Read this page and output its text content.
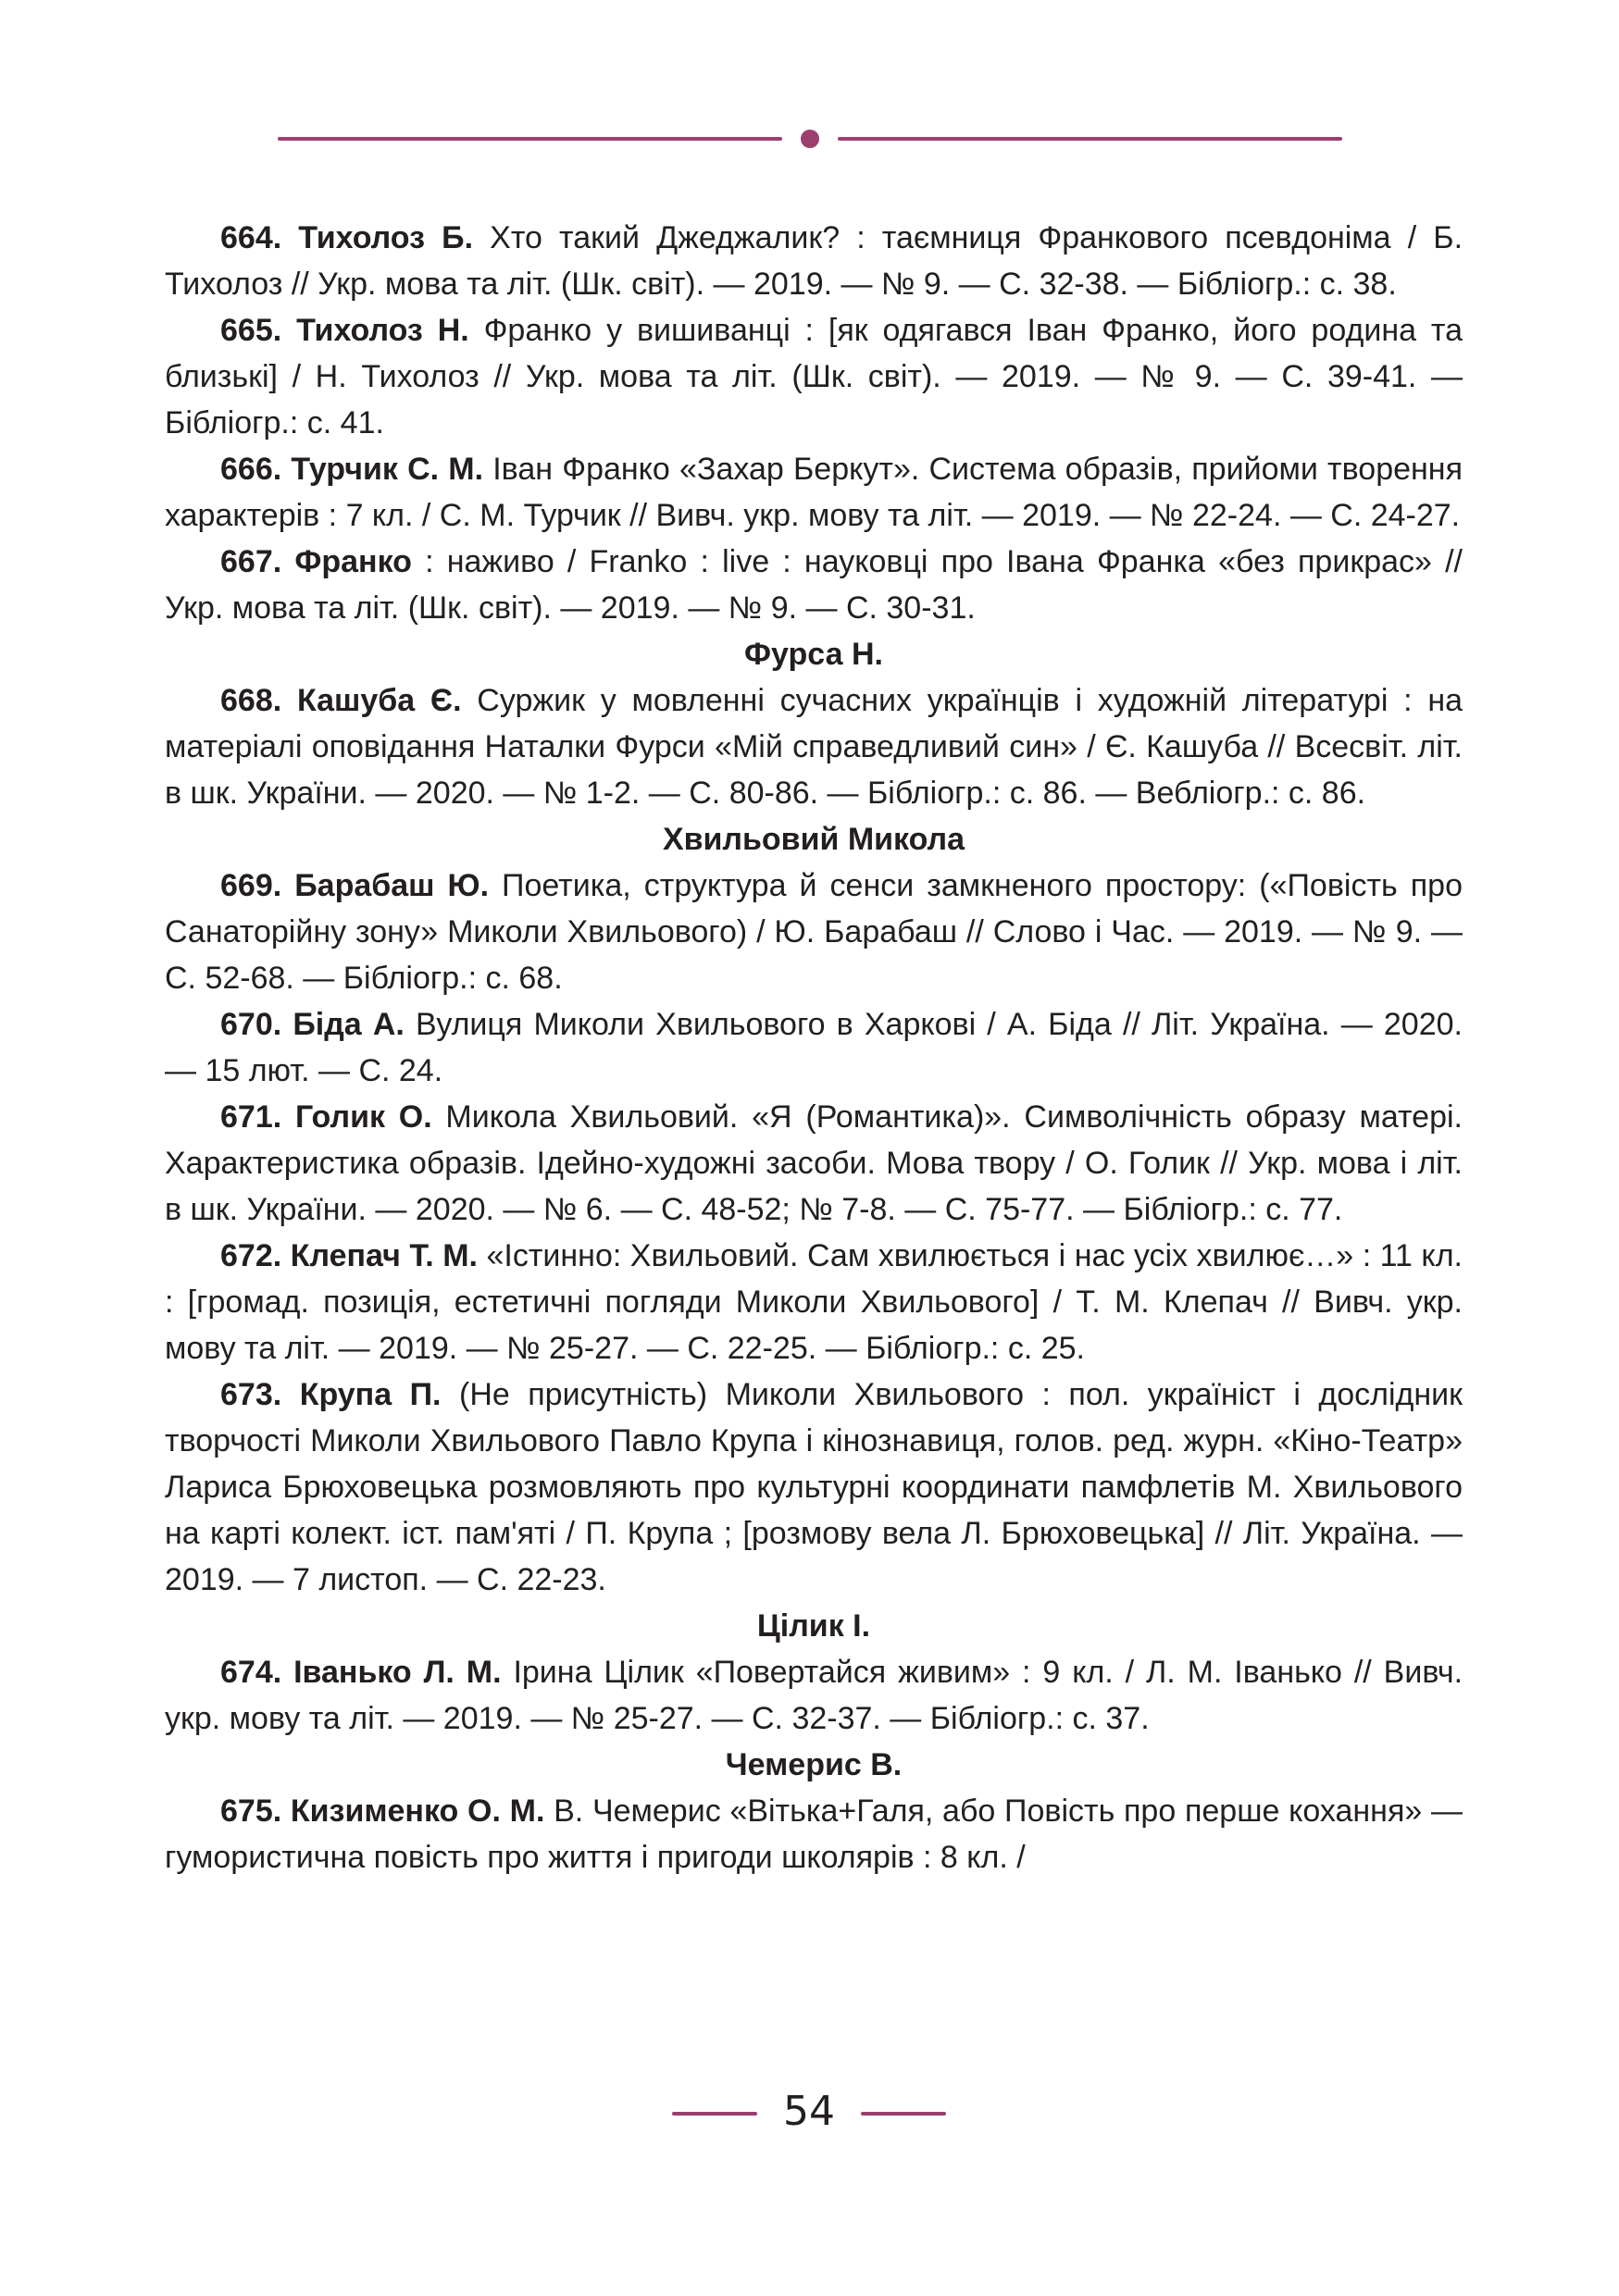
664. Тихолоз Б. Хто такий Джеджалик? : таємниця Франкового псевдоніма / Б. Тихолоз // Укр. мова та літ. (Шк. світ). — 2019. — № 9. — С. 32-38. — Бібліогр.: с. 38.

665. Тихолоз Н. Франко у вишиванці : [як одягався Іван Франко, його родина та близькі] / Н. Тихолоз // Укр. мова та літ. (Шк. світ). — 2019. — № 9. — С. 39-41. — Бібліогр.: с. 41.

666. Турчик С. М. Іван Франко «Захар Беркут». Система образів, прийоми творення характерів : 7 кл. / С. М. Турчик // Вивч. укр. мову та літ. — 2019. — № 22-24. — С. 24-27.

667. Франко : наживо / Franko : live : науковці про Івана Франка «без прикрас» // Укр. мова та літ. (Шк. світ). — 2019. — № 9. — С. 30-31.

Фурса Н.

668. Кашуба Є. Суржик у мовленні сучасних українців і художній літературі : на матеріалі оповідання Наталки Фурси «Мій справедливий син» / Є. Кашуба // Всесвіт. літ. в шк. України. — 2020. — № 1-2. — С. 80-86. — Бібліогр.: с. 86. — Вебліогр.: с. 86.

Хвильовий Микола

669. Барабаш Ю. Поетика, структура й сенси замкненого простору: («Повість про Санаторійну зону» Миколи Хвильового) / Ю. Барабаш // Слово і Час. — 2019. — № 9. — С. 52-68. — Бібліогр.: с. 68.

670. Біда А. Вулиця Миколи Хвильового в Харкові / А. Біда // Літ. Україна. — 2020. — 15 лют. — С. 24.

671. Голик О. Микола Хвильовий. «Я (Романтика)». Символічність образу матері. Характеристика образів. Ідейно-художні засоби. Мова твору / О. Голик // Укр. мова і літ. в шк. України. — 2020. — № 6. — С. 48-52; № 7-8. — С. 75-77. — Бібліогр.: с. 77.

672. Клепач Т. М. «Істинно: Хвильовий. Сам хвилюється і нас усіх хвилює…» : 11 кл. : [громад. позиція, естетичні погляди Миколи Хвильового] / Т. М. Клепач // Вивч. укр. мову та літ. — 2019. — № 25-27. — С. 22-25. — Бібліогр.: с. 25.

673. Крупа П. (Не присутність) Миколи Хвильового : пол. україніст і дослідник творчості Миколи Хвильового Павло Крупа і кінознавиця, голов. ред. журн. «Кіно-Театр» Лариса Брюховецька розмовляють про культурні координати памфлетів М. Хвильового на карті колект. іст. пам'яті / П. Крупа ; [розмову вела Л. Брюховецька] // Літ. Україна. — 2019. — 7 листоп. — С. 22-23.

Цілик І.

674. Іванько Л. М. Ірина Цілик «Повертайся живим» : 9 кл. / Л. М. Іванько // Вивч. укр. мову та літ. — 2019. — № 25-27. — С. 32-37. — Бібліогр.: с. 37.

Чемерис В.

675. Кизименко О. М. В. Чемерис «Вітька+Галя, або Повість про перше кохання» — гумористична повість про життя і пригоди школярів : 8 кл. /

54
